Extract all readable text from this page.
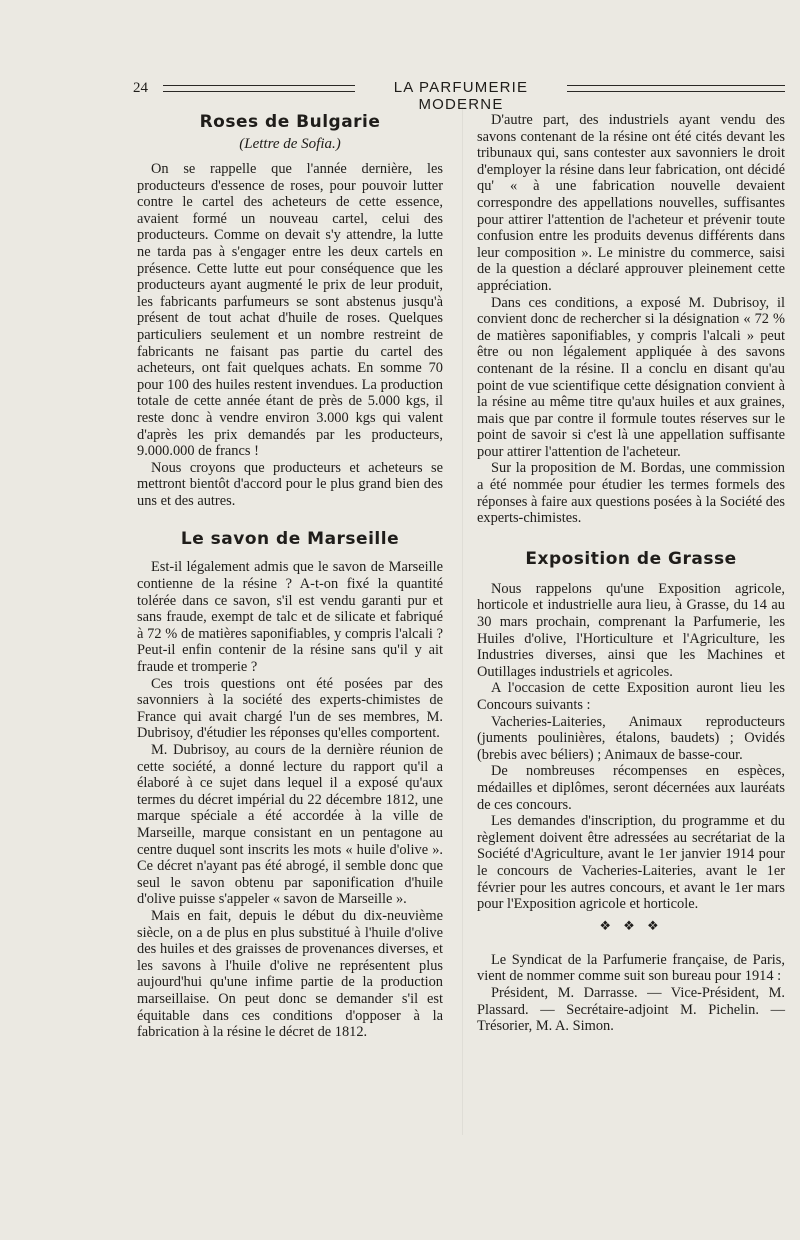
24	LA PARFUMERIE MODERNE
Roses de Bulgarie
(Lettre de Sofia.)

On se rappelle que l'année dernière, les producteurs d'essence de roses, pour pouvoir lutter contre le cartel des acheteurs de cette essence, avaient formé un nouveau cartel, celui des producteurs. Comme on devait s'y attendre, la lutte ne tarda pas à s'engager entre les deux cartels en présence. Cette lutte eut pour conséquence que les producteurs ayant augmenté le prix de leur produit, les fabricants parfumeurs se sont abstenus jusqu'à présent de tout achat d'huile de roses. Quelques particuliers seulement et un nombre restreint de fabricants ne faisant pas partie du cartel des acheteurs, ont fait quelques achats. En somme 70 pour 100 des huiles restent invendues. La production totale de cette année étant de près de 5.000 kgs, il reste donc à vendre environ 3.000 kgs qui valent d'après les prix demandés par les producteurs, 9.000.000 de francs !

Nous croyons que producteurs et acheteurs se mettront bientôt d'accord pour le plus grand bien des uns et des autres.

Le savon de Marseille

Est-il légalement admis que le savon de Marseille contienne de la résine ? A-t-on fixé la quantité tolérée dans ce savon, s'il est vendu garanti pur et sans fraude, exempt de talc et de silicate et fabriqué à 72 % de matières saponifiables, y compris l'alcali ? Peut-il enfin contenir de la résine sans qu'il y ait fraude et tromperie ?

Ces trois questions ont été posées par des savonniers à la société des experts-chimistes de France qui avait chargé l'un de ses membres, M. Dubrisoy, d'étudier les réponses qu'elles comportent.

M. Dubrisoy, au cours de la dernière réunion de cette société, a donné lecture du rapport qu'il a élaboré à ce sujet dans lequel il a exposé qu'aux termes du décret impérial du 22 décembre 1812, une marque spéciale a été accordée à la ville de Marseille, marque consistant en un pentagone au centre duquel sont inscrits les mots « huile d'olive ». Ce décret n'ayant pas été abrogé, il semble donc que seul le savon obtenu par saponification d'huile d'olive puisse s'appeler « savon de Marseille ».

Mais en fait, depuis le début du dix-neuvième siècle, on a de plus en plus substitué à l'huile d'olive des huiles et des graisses de provenances diverses, et les savons à l'huile d'olive ne représentent plus aujourd'hui qu'une infime partie de la production marseillaise. On peut donc se demander s'il est équitable dans ces conditions d'opposer à la fabrication à la résine le décret de 1812.

D'autre part, des industriels ayant vendu des savons contenant de la résine ont été cités devant les tribunaux qui, sans contester aux savonniers le droit d'employer la résine dans leur fabrication, ont décidé qu' « à une fabrication nouvelle devaient correspondre des appellations nouvelles, suffisantes pour attirer l'attention de l'acheteur et prévenir toute confusion entre les produits devenus différents dans leur composition ». Le ministre du commerce, saisi de la question a déclaré approuver pleinement cette appréciation.

Dans ces conditions, a exposé M. Dubrisoy, il convient donc de rechercher si la désignation « 72 % de matières saponifiables, y compris l'alcali » peut être ou non légalement appliquée à des savons contenant de la résine. Il a conclu en disant qu'au point de vue scientifique cette désignation convient à la résine au même titre qu'aux huiles et aux graines, mais que par contre il formule toutes réserves sur le point de savoir si c'est là une appellation suffisante pour attirer l'attention de l'acheteur.

Sur la proposition de M. Bordas, une commission a été nommée pour étudier les termes formels des réponses à faire aux questions posées à la Société des experts-chimistes.

Exposition de Grasse

Nous rappelons qu'une Exposition agricole, horticole et industrielle aura lieu, à Grasse, du 14 au 30 mars prochain, comprenant la Parfumerie, les Huiles d'olive, l'Horticulture et l'Agriculture, les Industries diverses, ainsi que les Machines et Outillages industriels et agricoles.

A l'occasion de cette Exposition auront lieu les Concours suivants :

Vacheries-Laiteries, Animaux reproducteurs (juments poulinières, étalons, baudets) ; Ovidés (brebis avec béliers) ; Animaux de basse-cour.

De nombreuses récompenses en espèces, médailles et diplômes, seront décernées aux lauréats de ces concours.

Les demandes d'inscription, du programme et du règlement doivent être adressées au secrétariat de la Société d'Agriculture, avant le 1er janvier 1914 pour le concours de Vacheries-Laiteries, avant le 1er février pour les autres concours, et avant le 1er mars pour l'Exposition agricole et horticole.

❖ ❖ ❖

Le Syndicat de la Parfumerie française, de Paris, vient de nommer comme suit son bureau pour 1914 :

Président, M. Darrasse. — Vice-Président, M. Plassard. — Secrétaire-adjoint M. Pichelin. — Trésorier, M. A. Simon.
